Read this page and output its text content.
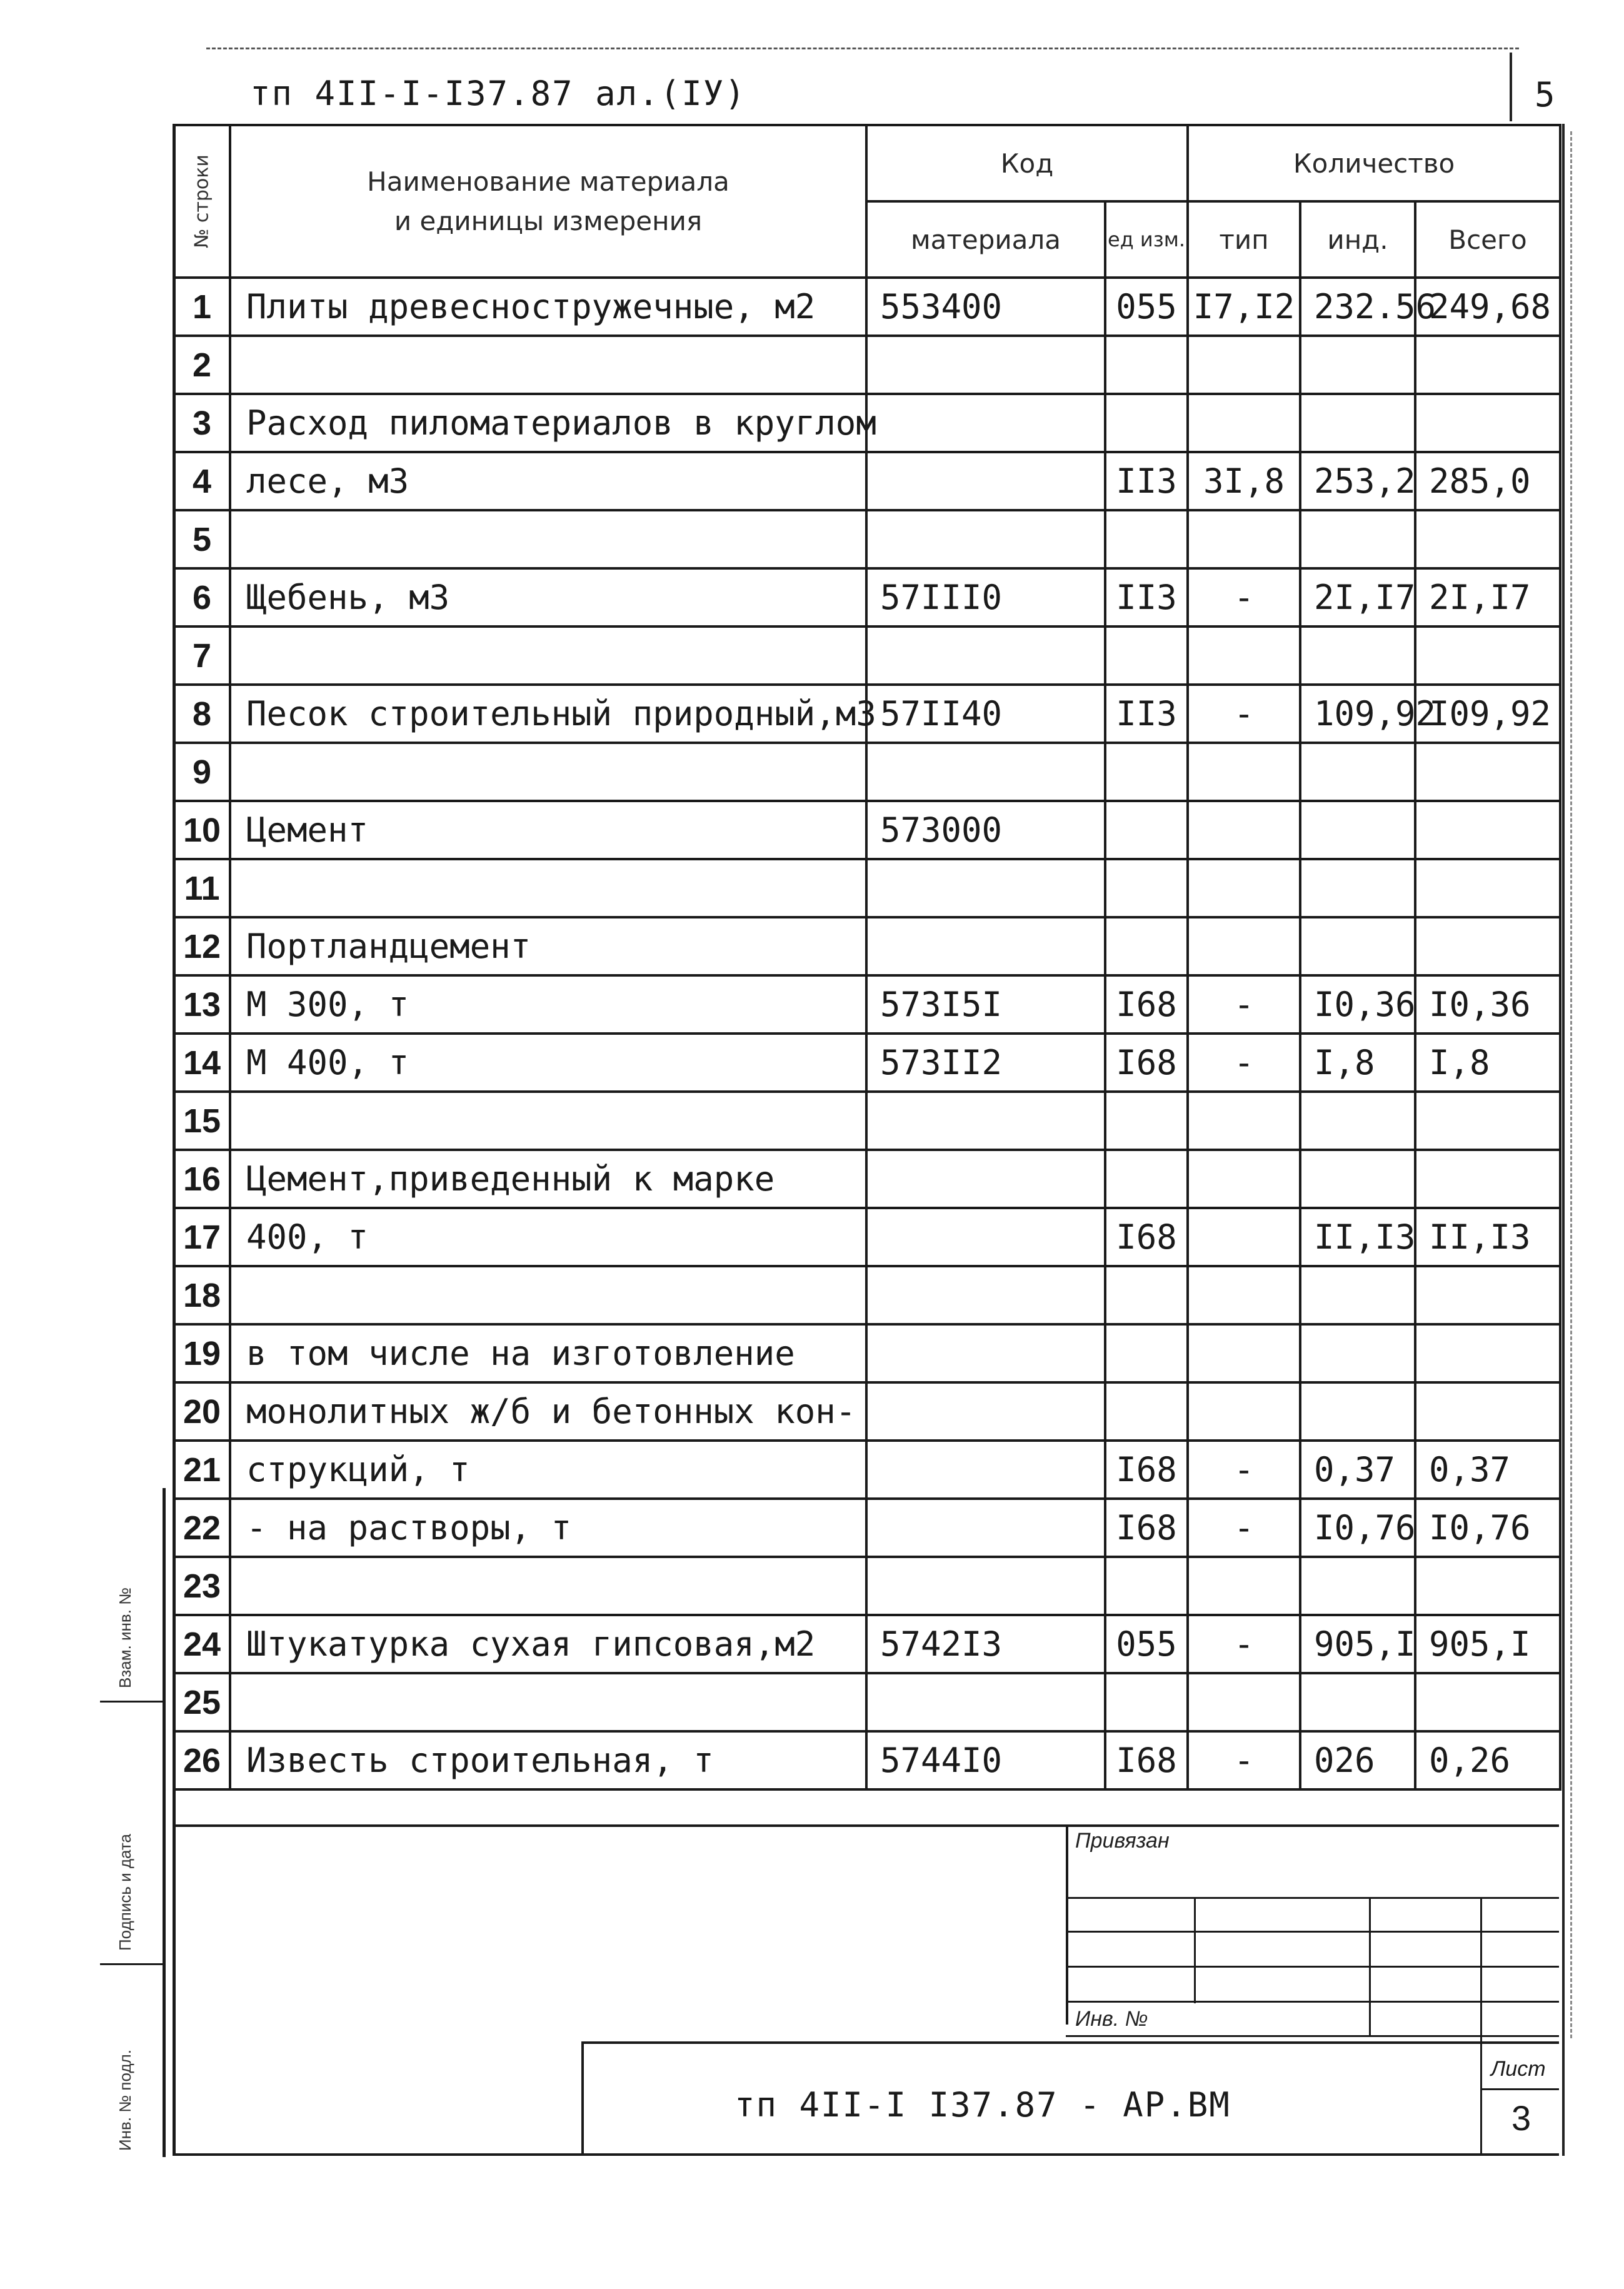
тп 4II-I-I37.87 ал.(IУ)	5
№ строки	Наименование материала
и единицы измерения	Код		Количество		
		материала	ед изм.	тип	инд.	Всего
1	Плиты древесностружечные, м2	553400	055	I7,I2	232.56	249,68
2						
3	Расход пиломатериалов в круглом					
4	лесе, м3		II3	3I,8	253,2	285,0
5						
6	Щебень, м3	57III0	II3	-	2I,I7	2I,I7
7						
8	Песок строительный природный,м3	57II40	II3	-	109,92	I09,92
9						
10	Цемент	573000				
11						
12	Портландцемент					
13	М 300, т	573I5I	I68	-	I0,36	I0,36
14	М 400, т	573II2	I68	-	I,8	I,8
15						
16	Цемент,приведенный к марке					
17	400, т		I68		II,I3	II,I3
18						
19	в том числе на изготовление					
20	монолитных ж/б и бетонных кон-					
21	струкций, т		I68	-	0,37	0,37
22	- на растворы, т		I68	-	I0,76	I0,76
23						
24	Штукатурка сухая гипсовая,м2	5742I3	055	-	905,I	905,I
25						
26	Известь строительная, т	5744I0	I68	-	026	0,26
Привязан
Инв. №
тп 4II-I I37.87 - АР.ВМ
Лист
3
Взам. инв. №
Подпись и дата
Инв. № подл.
